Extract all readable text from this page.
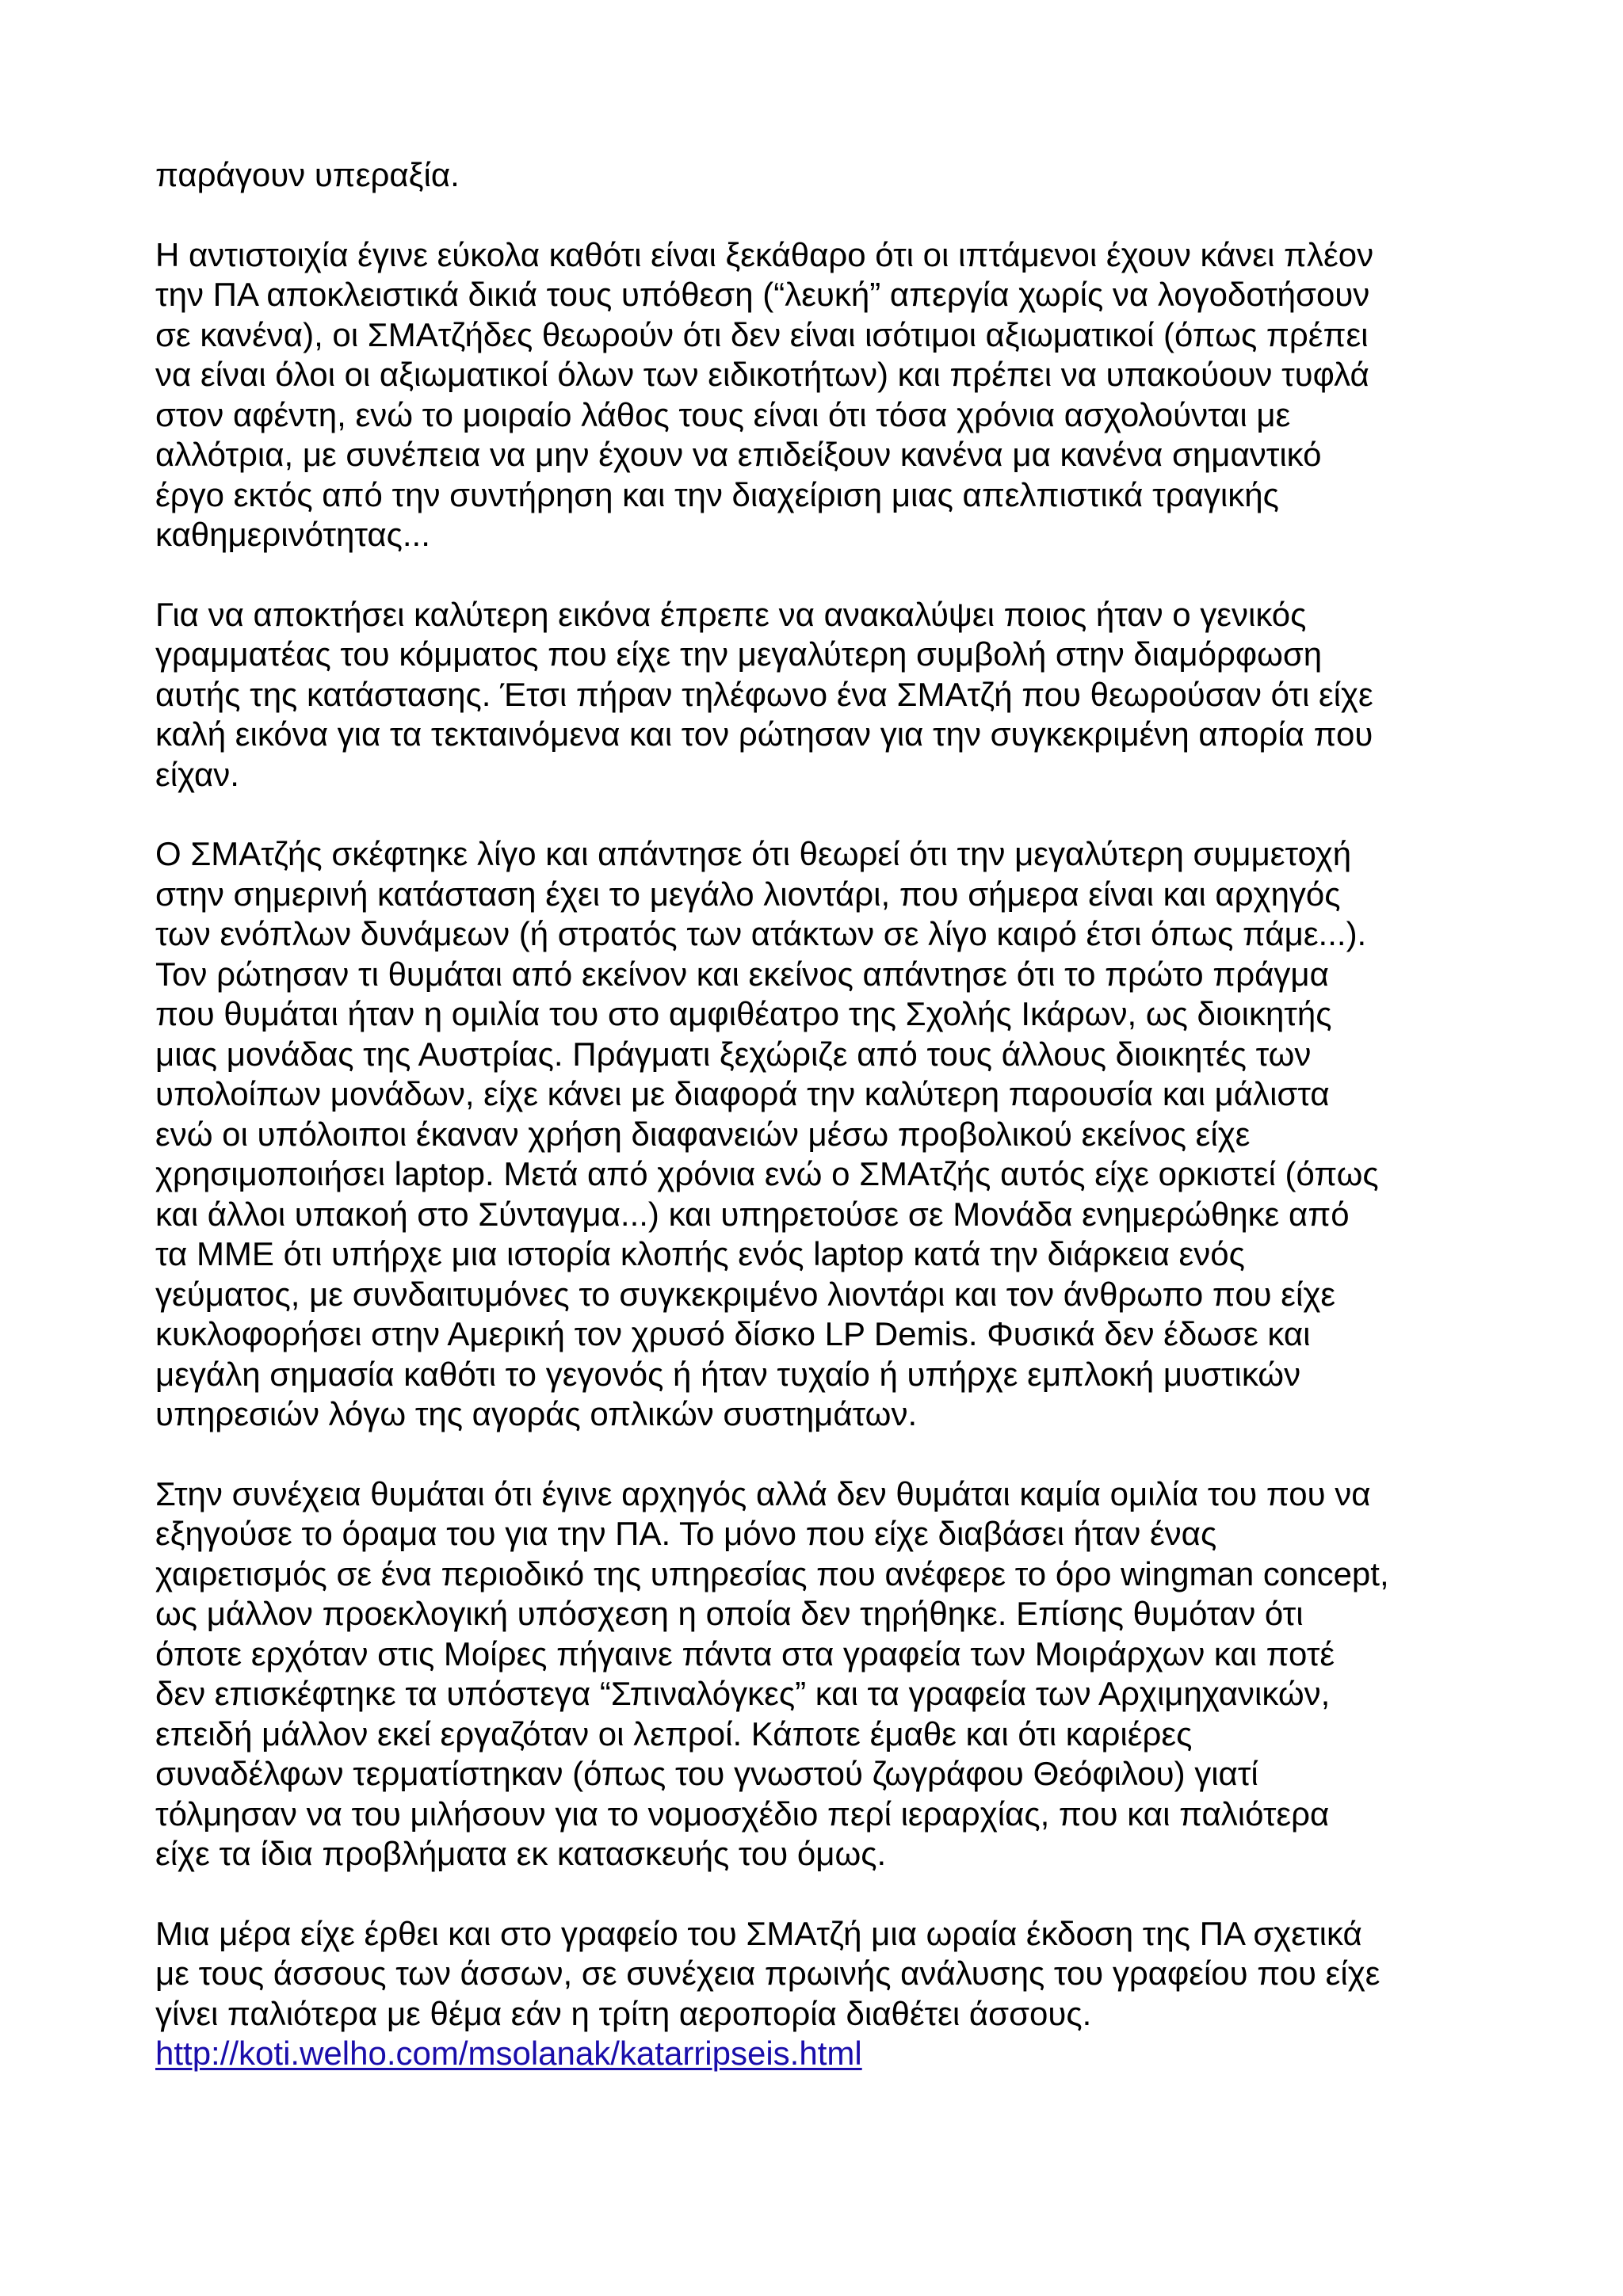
παράγουν υπεραξία.

Η αντιστοιχία έγινε εύκολα καθότι είναι ξεκάθαρο ότι οι ιπτάμενοι έχουν κάνει πλέον
την ΠΑ αποκλειστικά δικιά τους υπόθεση (“λευκή” απεργία χωρίς να λογοδοτήσουν
σε κανένα), οι ΣΜΑτζήδες θεωρούν ότι δεν είναι ισότιμοι αξιωματικοί (όπως πρέπει
να είναι όλοι οι αξιωματικοί όλων των ειδικοτήτων) και πρέπει να υπακούουν τυφλά
στον αφέντη, ενώ το μοιραίο λάθος τους είναι ότι τόσα χρόνια ασχολούνται με
αλλότρια, με συνέπεια να μην έχουν να επιδείξουν κανένα μα κανένα σημαντικό
έργο εκτός από την συντήρηση και την διαχείριση μιας απελπιστικά τραγικής
καθημερινότητας...

Για να αποκτήσει καλύτερη εικόνα έπρεπε να ανακαλύψει ποιος ήταν ο γενικός
γραμματέας του κόμματος που είχε την μεγαλύτερη συμβολή στην διαμόρφωση
αυτής της κατάστασης. Έτσι πήραν τηλέφωνο ένα ΣΜΑτζή που θεωρούσαν ότι είχε
καλή εικόνα για τα τεκταινόμενα και τον ρώτησαν για την συγκεκριμένη απορία που
είχαν.

Ο ΣΜΑτζής σκέφτηκε λίγο και απάντησε ότι θεωρεί ότι την μεγαλύτερη συμμετοχή
στην σημερινή κατάσταση έχει το μεγάλο λιοντάρι, που σήμερα είναι και αρχηγός
των ενόπλων δυνάμεων (ή στρατός των ατάκτων σε λίγο καιρό έτσι όπως πάμε...).
Τον ρώτησαν τι θυμάται από εκείνον και εκείνος απάντησε ότι το πρώτο πράγμα
που θυμάται ήταν η ομιλία του στο αμφιθέατρο της Σχολής Ικάρων, ως διοικητής
μιας μονάδας της Αυστρίας. Πράγματι ξεχώριζε από τους άλλους διοικητές των
υπολοίπων μονάδων, είχε κάνει με διαφορά την καλύτερη παρουσία και μάλιστα
ενώ οι υπόλοιποι έκαναν χρήση διαφανειών μέσω προβολικού εκείνος είχε
χρησιμοποιήσει laptop. Μετά από χρόνια ενώ ο ΣΜΑτζής αυτός είχε ορκιστεί (όπως
και άλλοι υπακοή στο Σύνταγμα...) και υπηρετούσε σε Μονάδα ενημερώθηκε από
τα ΜΜΕ ότι υπήρχε μια ιστορία κλοπής ενός laptop κατά την διάρκεια ενός
γεύματος, με συνδαιτυμόνες το συγκεκριμένο λιοντάρι και τον άνθρωπο που είχε
κυκλοφορήσει στην Αμερική τον χρυσό δίσκο LP Demis. Φυσικά δεν έδωσε και
μεγάλη σημασία καθότι το γεγονός ή ήταν τυχαίο ή υπήρχε εμπλοκή μυστικών
υπηρεσιών λόγω της αγοράς οπλικών συστημάτων.

Στην συνέχεια θυμάται ότι έγινε αρχηγός αλλά δεν θυμάται καμία ομιλία του που να
εξηγούσε το όραμα του για την ΠΑ. Το μόνο που είχε διαβάσει ήταν ένας
χαιρετισμός σε ένα περιοδικό της υπηρεσίας που ανέφερε το όρο wingman concept,
ως μάλλον προεκλογική υπόσχεση η οποία δεν τηρήθηκε. Επίσης θυμόταν ότι
όποτε ερχόταν στις Μοίρες πήγαινε πάντα στα γραφεία των Μοιράρχων και ποτέ
δεν επισκέφτηκε τα υπόστεγα “Σπιναλόγκες” και τα γραφεία των Αρχιμηχανικών,
επειδή μάλλον εκεί εργαζόταν οι λεπροί. Κάποτε έμαθε και ότι καριέρες
συναδέλφων τερματίστηκαν (όπως του γνωστού ζωγράφου Θεόφιλου) γιατί
τόλμησαν να του μιλήσουν για το νομοσχέδιο περί ιεραρχίας, που και παλιότερα
είχε τα ίδια προβλήματα εκ κατασκευής του όμως.

Μια μέρα είχε έρθει και στο γραφείο του ΣΜΑτζή μια ωραία έκδοση της ΠΑ σχετικά
με τους άσσους των άσσων, σε συνέχεια πρωινής ανάλυσης του γραφείου που είχε
γίνει παλιότερα με θέμα εάν η τρίτη αεροπορία διαθέτει άσσους.
http://koti.welho.com/msolanak/katarripseis.html
